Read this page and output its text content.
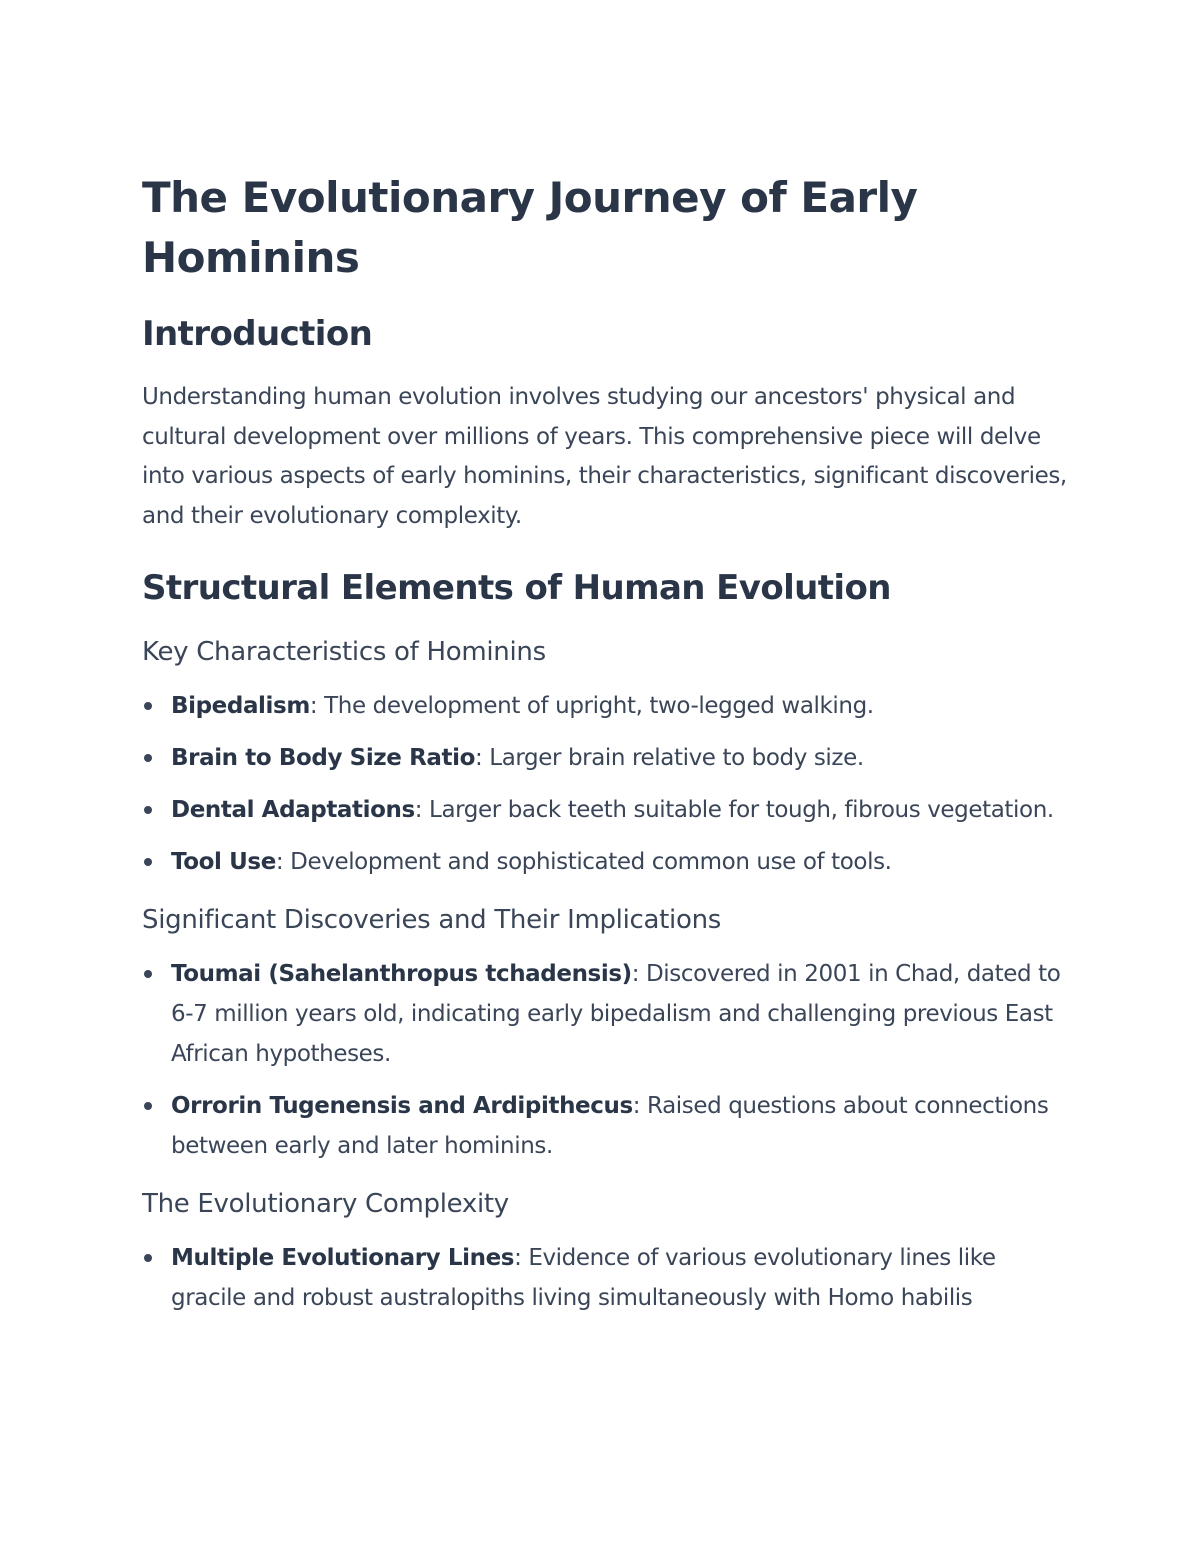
The Evolutionary Journey of Early Hominins
Introduction

Understanding human evolution involves studying our ancestors' physical and cultural development over millions of years. This comprehensive piece will delve into various aspects of early hominins, their characteristics, significant discoveries, and their evolutionary complexity.

Structural Elements of Human Evolution
Key Characteristics of Hominins
Bipedalism: The development of upright, two-legged walking.
Brain to Body Size Ratio: Larger brain relative to body size.
Dental Adaptations: Larger back teeth suitable for tough, fibrous vegetation.
Tool Use: Development and sophisticated common use of tools.
Significant Discoveries and Their Implications
Toumai (Sahelanthropus tchadensis): Discovered in 2001 in Chad, dated to 6-7 million years old, indicating early bipedalism and challenging previous East African hypotheses.
Orrorin Tugenensis and Ardipithecus: Raised questions about connections between early and later hominins.
The Evolutionary Complexity
Multiple Evolutionary Lines: Evidence of various evolutionary lines like gracile and robust australopiths living simultaneously with Homo habilis
